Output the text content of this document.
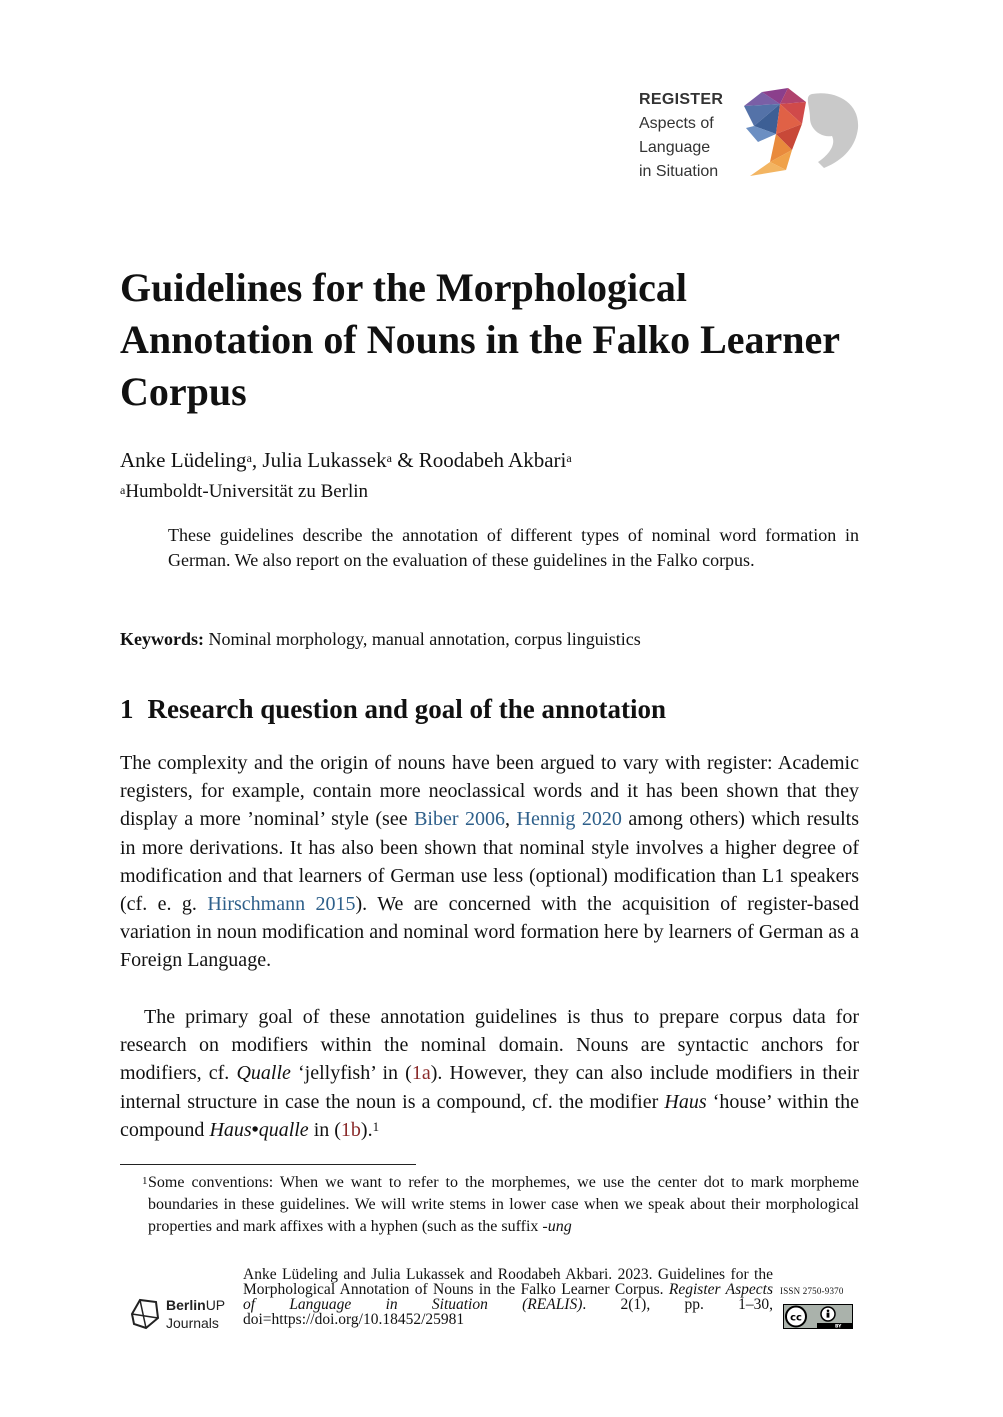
REGISTER
Aspects of
Language
in Situation
Guidelines for the Morphological Annotation of Nouns in the Falko Learner Corpus
Anke Lüdeling$^a$, Julia Lukassek$^a$ & Roodabeh Akbari$^a$
$^a$Humboldt-Universität zu Berlin

These guidelines describe the annotation of different types of nominal word formation in German. We also report on the evaluation of these guidelines in the Falko corpus.

Keywords: Nominal morphology, manual annotation, corpus linguistics

1 Research question and goal of the annotation

The complexity and the origin of nouns have been argued to vary with register: Academic registers, for example, contain more neoclassical words and it has been shown that they display a more ’nominal’ style (see Biber 2006, Hennig 2020 among others) which results in more derivations. It has also been shown that nominal style involves a higher degree of modification and that learners of German use less (optional) modification than L1 speakers (cf. e. g. Hirschmann 2015). We are concerned with the acquisition of register-based variation in noun modification and nominal word formation here by learners of German as a Foreign Language.

The primary goal of these annotation guidelines is thus to prepare corpus data for research on modifiers within the nominal domain. Nouns are syntactic anchors for modifiers, cf. Qualle ‘jellyfish’ in (1a). However, they can also include modifiers in their internal structure in case the noun is a compound, cf. the modifier Haus ‘house’ within the compound Haus•qualle in (1b).$^1$

1 Some conventions: When we want to refer to the morphemes, we use the center dot to mark morpheme boundaries in these guidelines. We will write stems in lower case when we speak about their morphological properties and mark affixes with a hyphen (such as the suffix -ung

BerlinUP
Journals

Anke Lüdeling and Julia Lukassek and Roodabeh Akbari. 2023. Guidelines for the Morphological Annotation of Nouns in the Falko Learner Corpus. Register Aspects of Language in Situation (REALIS). 2(1), pp. 1–30, doi=https://doi.org/10.18452/25981

ISSN 2750-9370
cc
BY
